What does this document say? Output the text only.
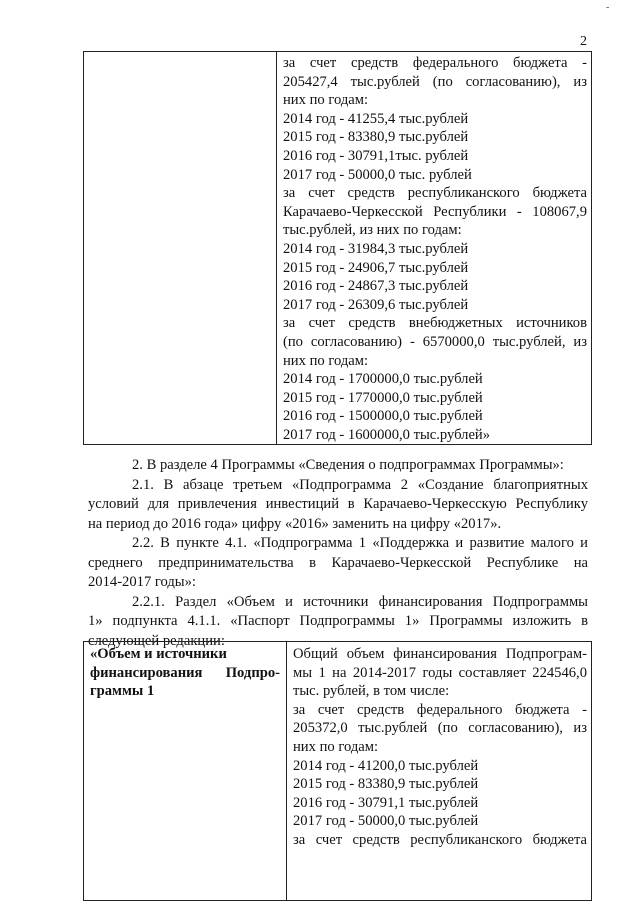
-
2

за счет средств федерального бюджета -
205427,4 тыс.рублей (по согласованию), из
них по годам:
2014 год - 41255,4 тыс.рублей
2015 год - 83380,9 тыс.рублей
2016 год - 30791,1тыс. рублей
2017 год - 50000,0 тыс. рублей
за счет средств республиканского бюджета
Карачаево-Черкесской Республики - 108067,9
тыс.рублей, из них по годам:
2014 год - 31984,3 тыс.рублей
2015 год - 24906,7 тыс.рублей
2016 год - 24867,3 тыс.рублей
2017 год - 26309,6 тыс.рублей
за счет средств внебюджетных источников
(по согласованию) - 6570000,0 тыс.рублей, из
них по годам:
2014 год - 1700000,0 тыс.рублей
2015 год - 1770000,0 тыс.рублей
2016 год - 1500000,0 тыс.рублей
2017 год - 1600000,0 тыс.рублей»
2. В разделе 4 Программы «Сведения о подпрограммах Программы»:
2.1. В абзаце третьем «Подпрограмма 2 «Создание благоприятных
условий для привлечения инвестиций в Карачаево-Черкесскую Республику
на период до 2016 года» цифру «2016» заменить на цифру «2017».
2.2. В пункте 4.1. «Подпрограмма 1 «Поддержка и развитие малого и
среднего предпринимательства в Карачаево-Черкесской Республике на
2014-2017 годы»:
2.2.1. Раздел «Объем и источники финансирования Подпрограммы
1» подпункта 4.1.1. «Паспорт Подпрограммы 1» Программы изложить в
следующей редакции:
«Объем и источники
финансирования Подпро-
граммы 1

Общий объем финансирования Подпрограм-
мы 1 на 2014-2017 годы составляет 224546,0
тыс. рублей, в том числе:
за счет средств федерального бюджета -
205372,0 тыс.рублей (по согласованию), из
них по годам:
2014 год - 41200,0 тыс.рублей
2015 год - 83380,9 тыс.рублей
2016 год - 30791,1 тыс.рублей
2017 год - 50000,0 тыс.рублей
за счет средств республиканского бюджета
